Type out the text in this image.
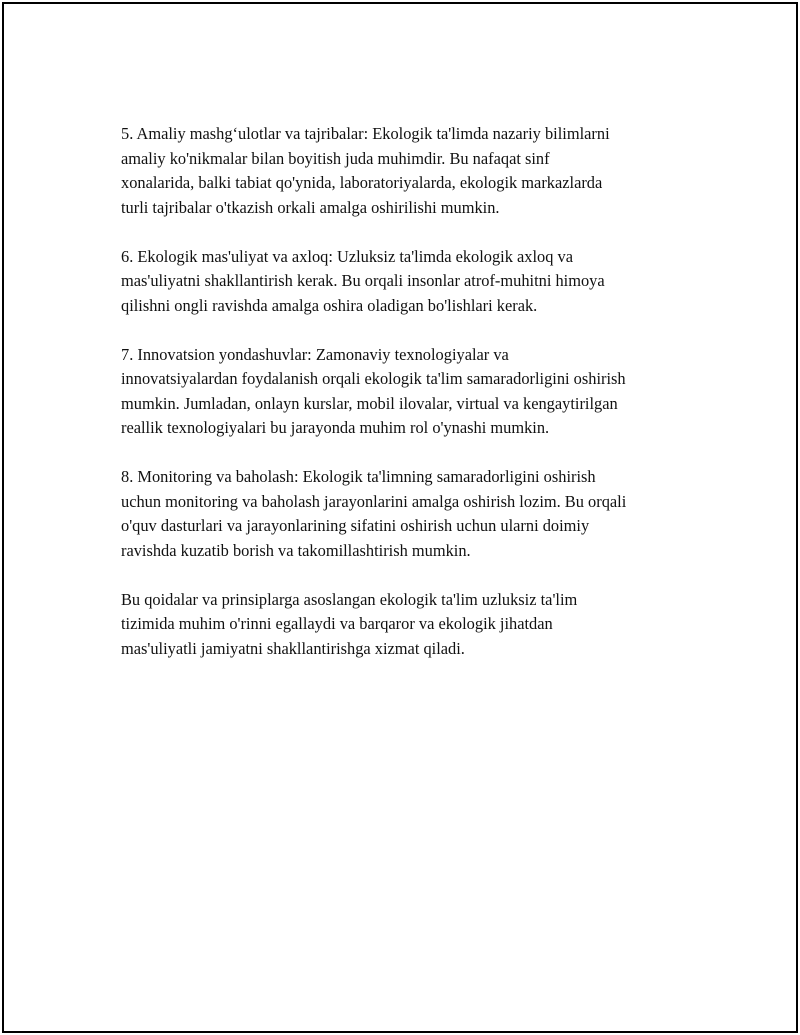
5. Amaliy mashgʻulotlar va tajribalar: Ekologik ta'limda nazariy bilimlarni
amaliy ko'nikmalar bilan boyitish juda muhimdir. Bu nafaqat sinf
xonalarida, balki tabiat qo'ynida, laboratoriyalarda, ekologik markazlarda
turli tajribalar o'tkazish orkali amalga oshirilishi mumkin.

6. Ekologik mas'uliyat va axloq: Uzluksiz ta'limda ekologik axloq va
mas'uliyatni shakllantirish kerak. Bu orqali insonlar atrof-muhitni himoya
qilishni ongli ravishda amalga oshira oladigan bo'lishlari kerak.

7. Innovatsion yondashuvlar: Zamonaviy texnologiyalar va
innovatsiyalardan foydalanish orqali ekologik ta'lim samaradorligini oshirish
mumkin. Jumladan, onlayn kurslar, mobil ilovalar, virtual va kengaytirilgan
reallik texnologiyalari bu jarayonda muhim rol o'ynashi mumkin.

8. Monitoring va baholash: Ekologik ta'limning samaradorligini oshirish
uchun monitoring va baholash jarayonlarini amalga oshirish lozim. Bu orqali
o'quv dasturlari va jarayonlarining sifatini oshirish uchun ularni doimiy
ravishda kuzatib borish va takomillashtirish mumkin.

Bu qoidalar va prinsiplarga asoslangan ekologik ta'lim uzluksiz ta'lim
tizimida muhim o'rinni egallaydi va barqaror va ekologik jihatdan
mas'uliyatli jamiyatni shakllantirishga xizmat qiladi.
